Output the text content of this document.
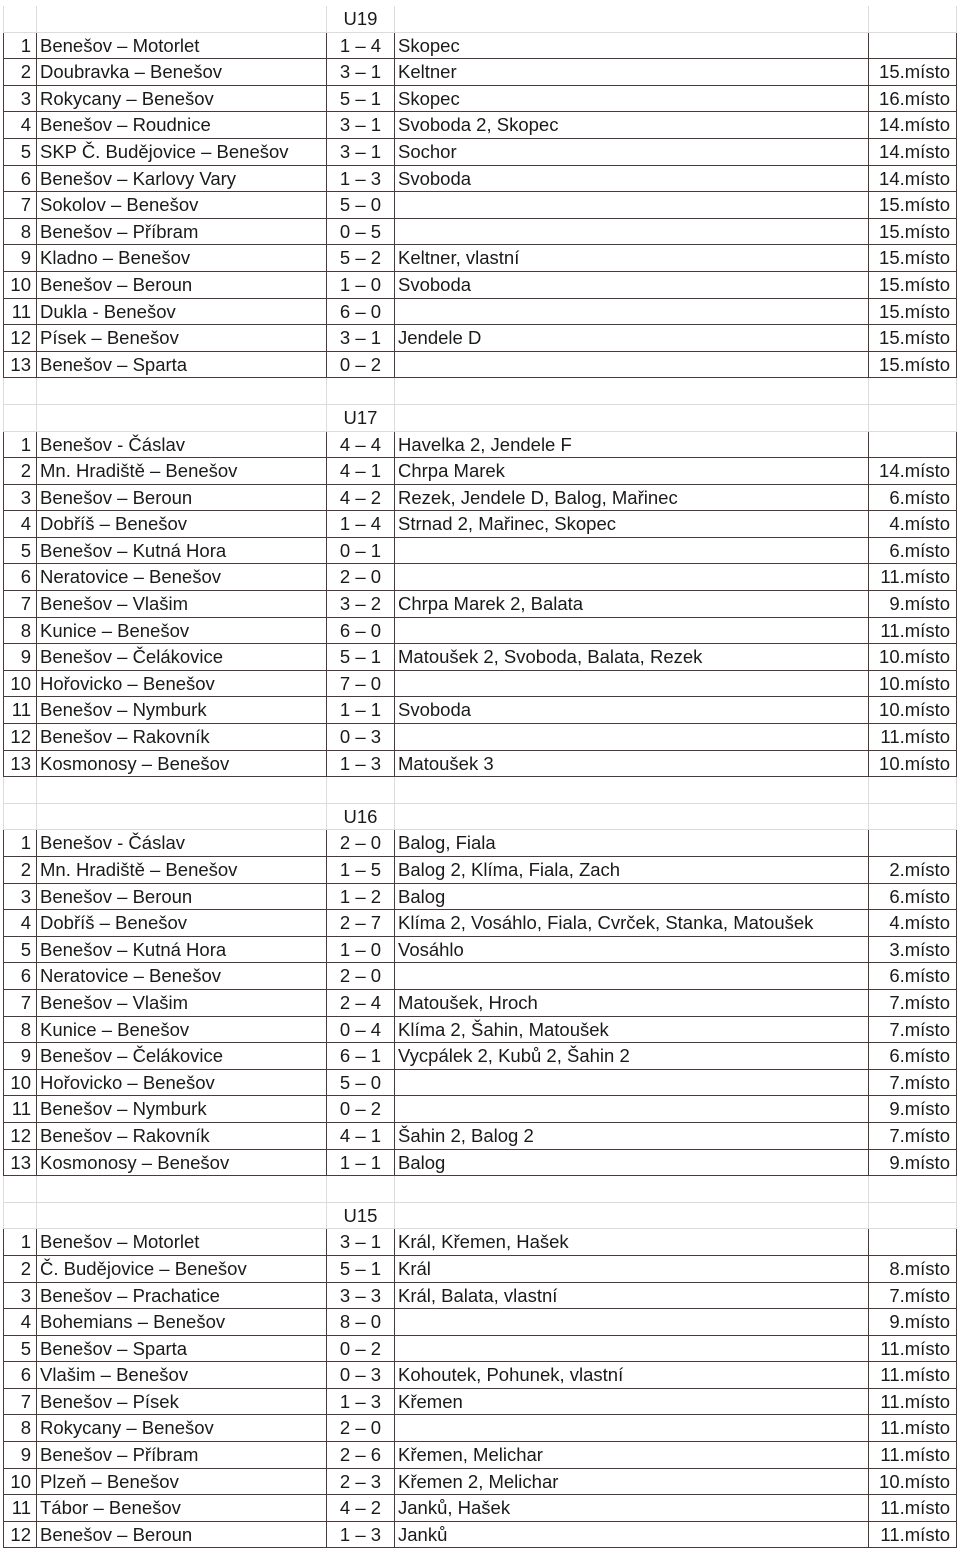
U19
1 Benešov – Motorlet	1 – 4 Skopec
2 Doubravka – Benešov	3 – 1 Keltner	15.místo
3 Rokycany – Benešov	5 – 1 Skopec	16.místo
4 Benešov – Roudnice	3 – 1 Svoboda 2, Skopec	14.místo
5 SKP Č. Budějovice – Benešov	3 – 1 Sochor	14.místo
6 Benešov – Karlovy Vary	1 – 3 Svoboda	14.místo
7 Sokolov – Benešov	5 – 0	15.místo
8 Benešov – Příbram	0 – 5	15.místo
9 Kladno – Benešov	5 – 2 Keltner, vlastní	15.místo
10 Benešov – Beroun	1 – 0 Svoboda	15.místo
11 Dukla - Benešov	6 – 0	15.místo
12 Písek – Benešov	3 – 1 Jendele D	15.místo
13 Benešov – Sparta	0 – 2	15.místo
U17
1 Benešov - Čáslav	4 – 4 Havelka 2, Jendele F
2 Mn. Hradiště – Benešov	4 – 1 Chrpa Marek	14.místo
3 Benešov – Beroun	4 – 2 Rezek, Jendele D, Balog, Mařinec	6.místo
4 Dobříš – Benešov	1 – 4 Strnad 2, Mařinec, Skopec	4.místo
5 Benešov – Kutná Hora	0 – 1	6.místo
6 Neratovice – Benešov	2 – 0	11.místo
7 Benešov – Vlašim	3 – 2 Chrpa Marek 2, Balata	9.místo
8 Kunice – Benešov	6 – 0	11.místo
9 Benešov – Čelákovice	5 – 1 Matoušek 2, Svoboda, Balata, Rezek	10.místo
10 Hořovicko – Benešov	7 – 0	10.místo
11 Benešov – Nymburk	1 – 1 Svoboda	10.místo
12 Benešov – Rakovník	0 – 3	11.místo
13 Kosmonosy – Benešov	1 – 3 Matoušek 3	10.místo
U16
1 Benešov - Čáslav	2 – 0 Balog, Fiala
2 Mn. Hradiště – Benešov	1 – 5 Balog 2, Klíma, Fiala, Zach	2.místo
3 Benešov – Beroun	1 – 2 Balog	6.místo
4 Dobříš – Benešov	2 – 7 Klíma 2, Vosáhlo, Fiala, Cvrček, Stanka, Matoušek	4.místo
5 Benešov – Kutná Hora	1 – 0 Vosáhlo	3.místo
6 Neratovice – Benešov	2 – 0	6.místo
7 Benešov – Vlašim	2 – 4 Matoušek, Hroch	7.místo
8 Kunice – Benešov	0 – 4 Klíma 2, Šahin, Matoušek	7.místo
9 Benešov – Čelákovice	6 – 1 Vycpálek 2, Kubů 2, Šahin 2	6.místo
10 Hořovicko – Benešov	5 – 0	7.místo
11 Benešov – Nymburk	0 – 2	9.místo
12 Benešov – Rakovník	4 – 1 Šahin 2, Balog 2	7.místo
13 Kosmonosy – Benešov	1 – 1 Balog	9.místo
U15
1 Benešov – Motorlet	3 – 1 Král, Křemen, Hašek
2 Č. Budějovice – Benešov	5 – 1 Král	8.místo
3 Benešov – Prachatice	3 – 3 Král, Balata, vlastní	7.místo
4 Bohemians – Benešov	8 – 0	9.místo
5 Benešov – Sparta	0 – 2	11.místo
6 Vlašim – Benešov	0 – 3 Kohoutek, Pohunek, vlastní	11.místo
7 Benešov – Písek	1 – 3 Křemen	11.místo
8 Rokycany – Benešov	2 – 0	11.místo
9 Benešov – Příbram	2 – 6 Křemen, Melichar	11.místo
10 Plzeň – Benešov	2 – 3 Křemen 2, Melichar	10.místo
11 Tábor – Benešov	4 – 2 Janků, Hašek	11.místo
12 Benešov – Beroun	1 – 3 Janků	11.místo
